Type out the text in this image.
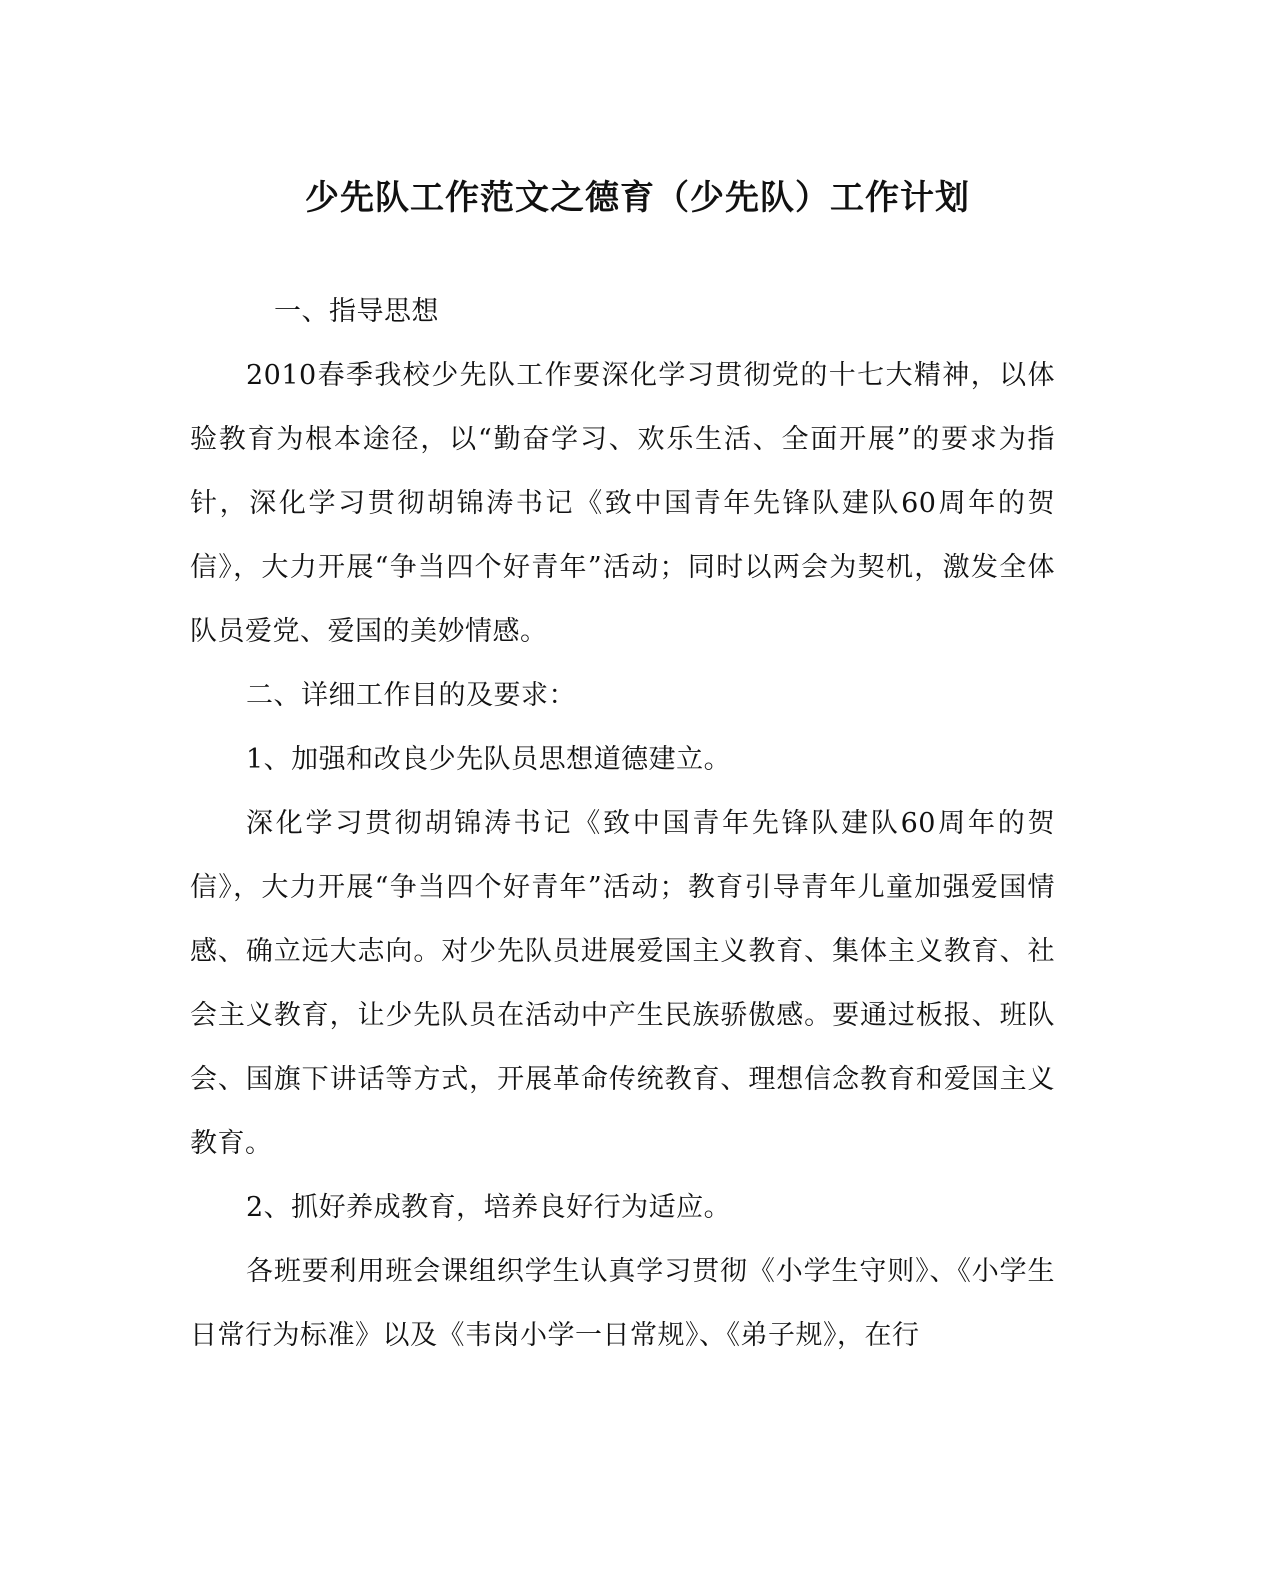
少先队工作范文之德育（少先队）工作计划

一、指导思想

2010春季我校少先队工作要深化学习贯彻党的十七大精神，以体验教育为根本途径，以“勤奋学习、欢乐生活、全面开展”的要求为指针，深化学习贯彻胡锦涛书记《致中国青年先锋队建队60周年的贺信》，大力开展“争当四个好青年”活动；同时以两会为契机，激发全体队员爱党、爱国的美妙情感。

二、详细工作目的及要求：

1、加强和改良少先队员思想道德建立。

深化学习贯彻胡锦涛书记《致中国青年先锋队建队60周年的贺信》，大力开展“争当四个好青年”活动；教育引导青年儿童加强爱国情感、确立远大志向。对少先队员进展爱国主义教育、集体主义教育、社会主义教育，让少先队员在活动中产生民族骄傲感。要通过板报、班队会、国旗下讲话等方式，开展革命传统教育、理想信念教育和爱国主义教育。

2、抓好养成教育，培养良好行为适应。

各班要利用班会课组织学生认真学习贯彻《小学生守则》、《小学生日常行为标准》以及《韦岗小学一日常规》、《弟子规》，在行
